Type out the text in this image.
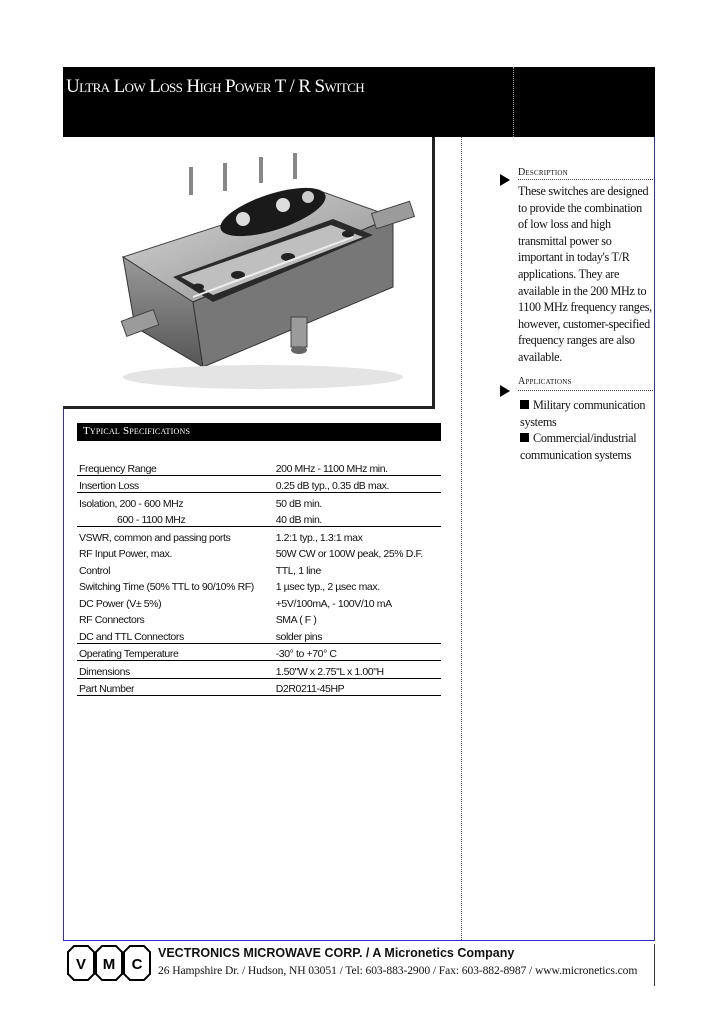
Ultra Low Loss High Power T / R Switch
Typical Specifications
Frequency Range	200 MHz - 1100 MHz min.
Insertion Loss	0.25 dB typ., 0.35 dB max.
Isolation, 200 - 600 MHz	50 dB min.
600 - 1100 MHz	40 dB min.
VSWR, common and passing ports	1.2:1 typ., 1.3:1 max
RF Input Power, max.	50W CW or 100W peak, 25% D.F.
Control	TTL, 1 line
Switching Time (50% TTL to 90/10% RF)	1 µsec typ., 2 µsec max.
DC Power (V± 5%)	+5V/100mA, - 100V/10 mA
RF Connectors	SMA ( F )
DC and TTL Connectors	solder pins
Operating Temperature	-30° to +70° C
Dimensions	1.50"W x 2.75"L x 1.00"H
Part Number	D2R0211-45HP
Description
These switches are designed to provide the combination of low loss and high transmittal power so important in today's T/R applications. They are available in the 200 MHz to 1100 MHz frequency ranges, however, customer-specified frequency ranges are also available.
Applications
Military communication systems
Commercial/industrial communication systems
V M C
VECTRONICS MICROWAVE CORP. / A Micronetics Company
26 Hampshire Dr. / Hudson, NH 03051 / Tel: 603-883-2900 / Fax: 603-882-8987 / www.micronetics.com
